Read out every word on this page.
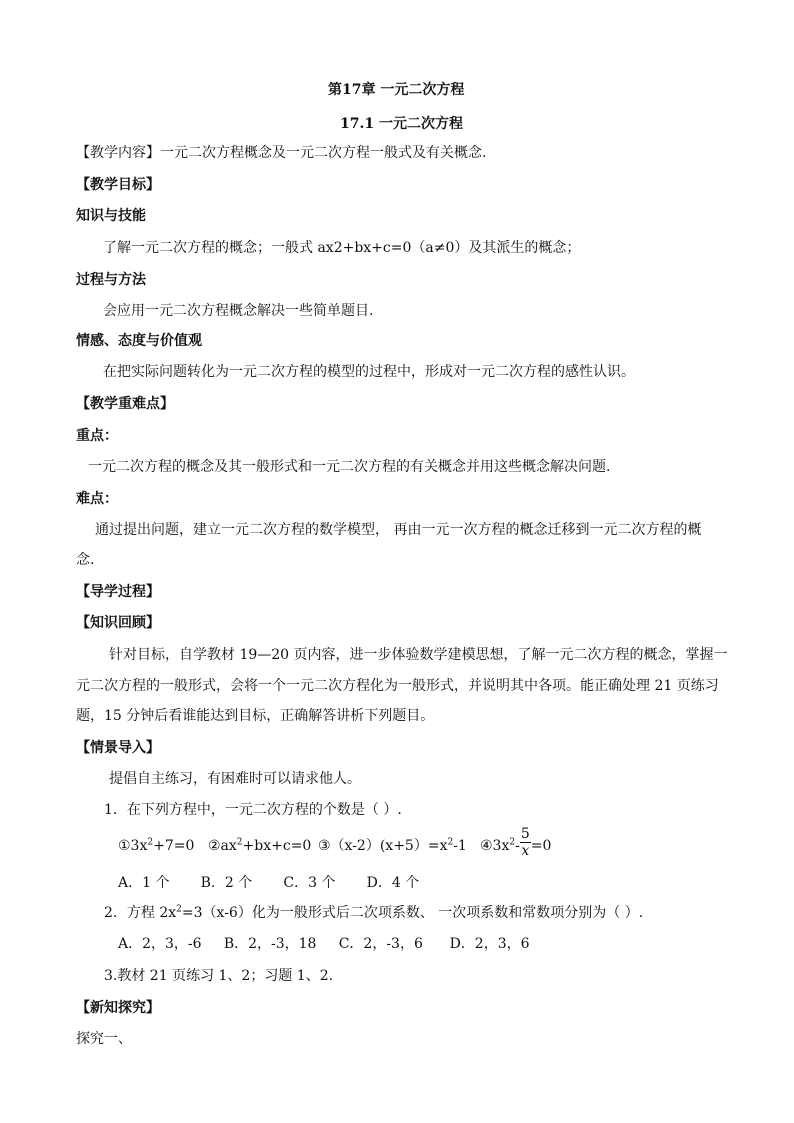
第17章 一元二次方程
17.1 一元二次方程
【教学内容】一元二次方程概念及一元二次方程一般式及有关概念.
【教学目标】
知识与技能
了解一元二次方程的概念；一般式 ax2+bx+c=0（a≠0）及其派生的概念；
过程与方法
会应用一元二次方程概念解决一些简单题目.
情感、态度与价值观
在把实际问题转化为一元二次方程的模型的过程中，形成对一元二次方程的感性认识。
【教学重难点】
重点：
一元二次方程的概念及其一般形式和一元二次方程的有关概念并用这些概念解决问题.
难点：
通过提出问题，建立一元二次方程的数学模型， 再由一元一次方程的概念迁移到一元二次方程的概
念.
【导学过程】
【知识回顾】
针对目标，自学教材 19—20 页内容，进一步体验数学建模思想，了解一元二次方程的概念，掌握一
元二次方程的一般形式，会将一个一元二次方程化为一般形式，并说明其中各项。能正确处理 21 页练习
题，15 分钟后看谁能达到目标，正确解答讲析下列题目。
【情景导入】
提倡自主练习，有困难时可以请求他人。
1．在下列方程中，一元二次方程的个数是（ ）.
$①3x^2+7=0$ $②ax^2+bx+c=0$ $③(x-2)(x+5)=x^2-1$ $④3x^2- \frac{5}{x} =0$
A．1 个       B．2 个       C．3 个       D．4 个
2．方程 $2x^2=3(x-6)$化为一般形式后二次项系数、 一次项系数和常数项分别为（ ）.
A．2，3，-6     B．2，-3，18     C．2，-3，6      D．2，3，6
3.教材 21 页练习 1、2；习题 1、2.
【新知探究】
探究一、
